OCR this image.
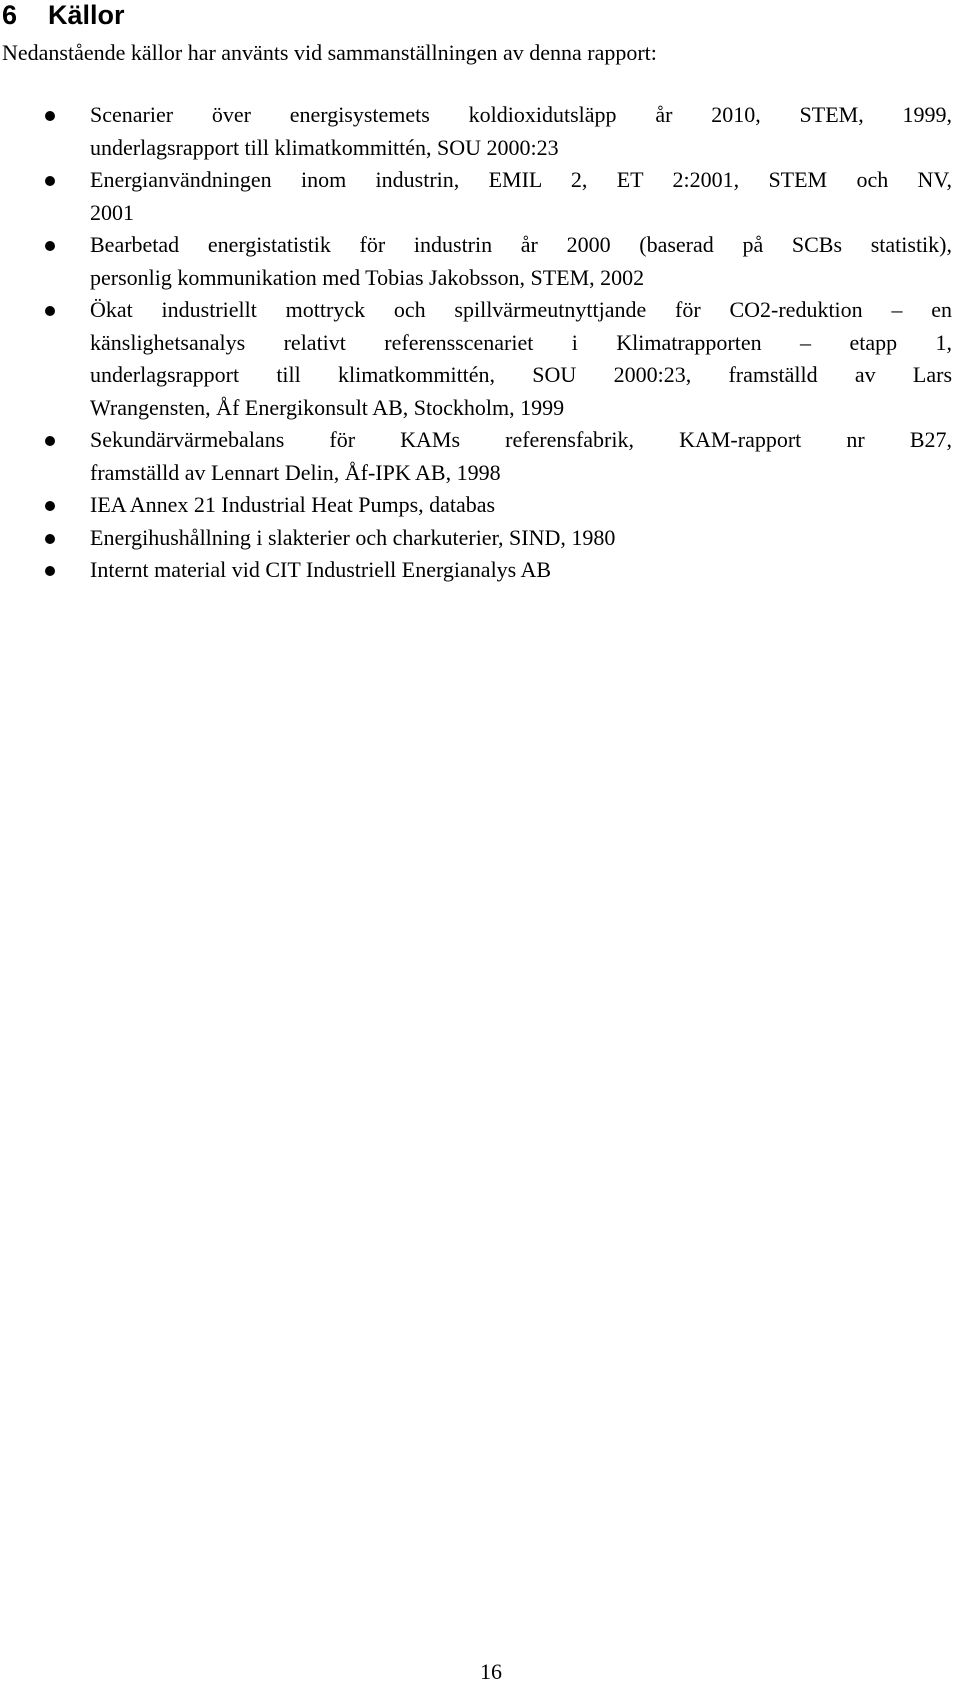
6 Källor

Nedanstående källor har använts vid sammanställningen av denna rapport:

Scenarier över energisystemets koldioxidutsläpp år 2010, STEM, 1999,
underlagsrapport till klimatkommittén, SOU 2000:23
Energianvändningen inom industrin, EMIL 2, ET 2:2001, STEM och NV,
2001
Bearbetad energistatistik för industrin år 2000 (baserad på SCBs statistik),
personlig kommunikation med Tobias Jakobsson, STEM, 2002
Ökat industriellt mottryck och spillvärmeutnyttjande för CO2-reduktion – en
känslighetsanalys relativt referensscenariet i Klimatrapporten – etapp 1,
underlagsrapport till klimatkommittén, SOU 2000:23, framställd av Lars
Wrangensten, Åf Energikonsult AB, Stockholm, 1999
Sekundärvärmebalans för KAMs referensfabrik, KAM-rapport nr B27,
framställd av Lennart Delin, Åf-IPK AB, 1998
IEA Annex 21 Industrial Heat Pumps, databas
Energihushållning i slakterier och charkuterier, SIND, 1980
Internt material vid CIT Industriell Energianalys AB

16
